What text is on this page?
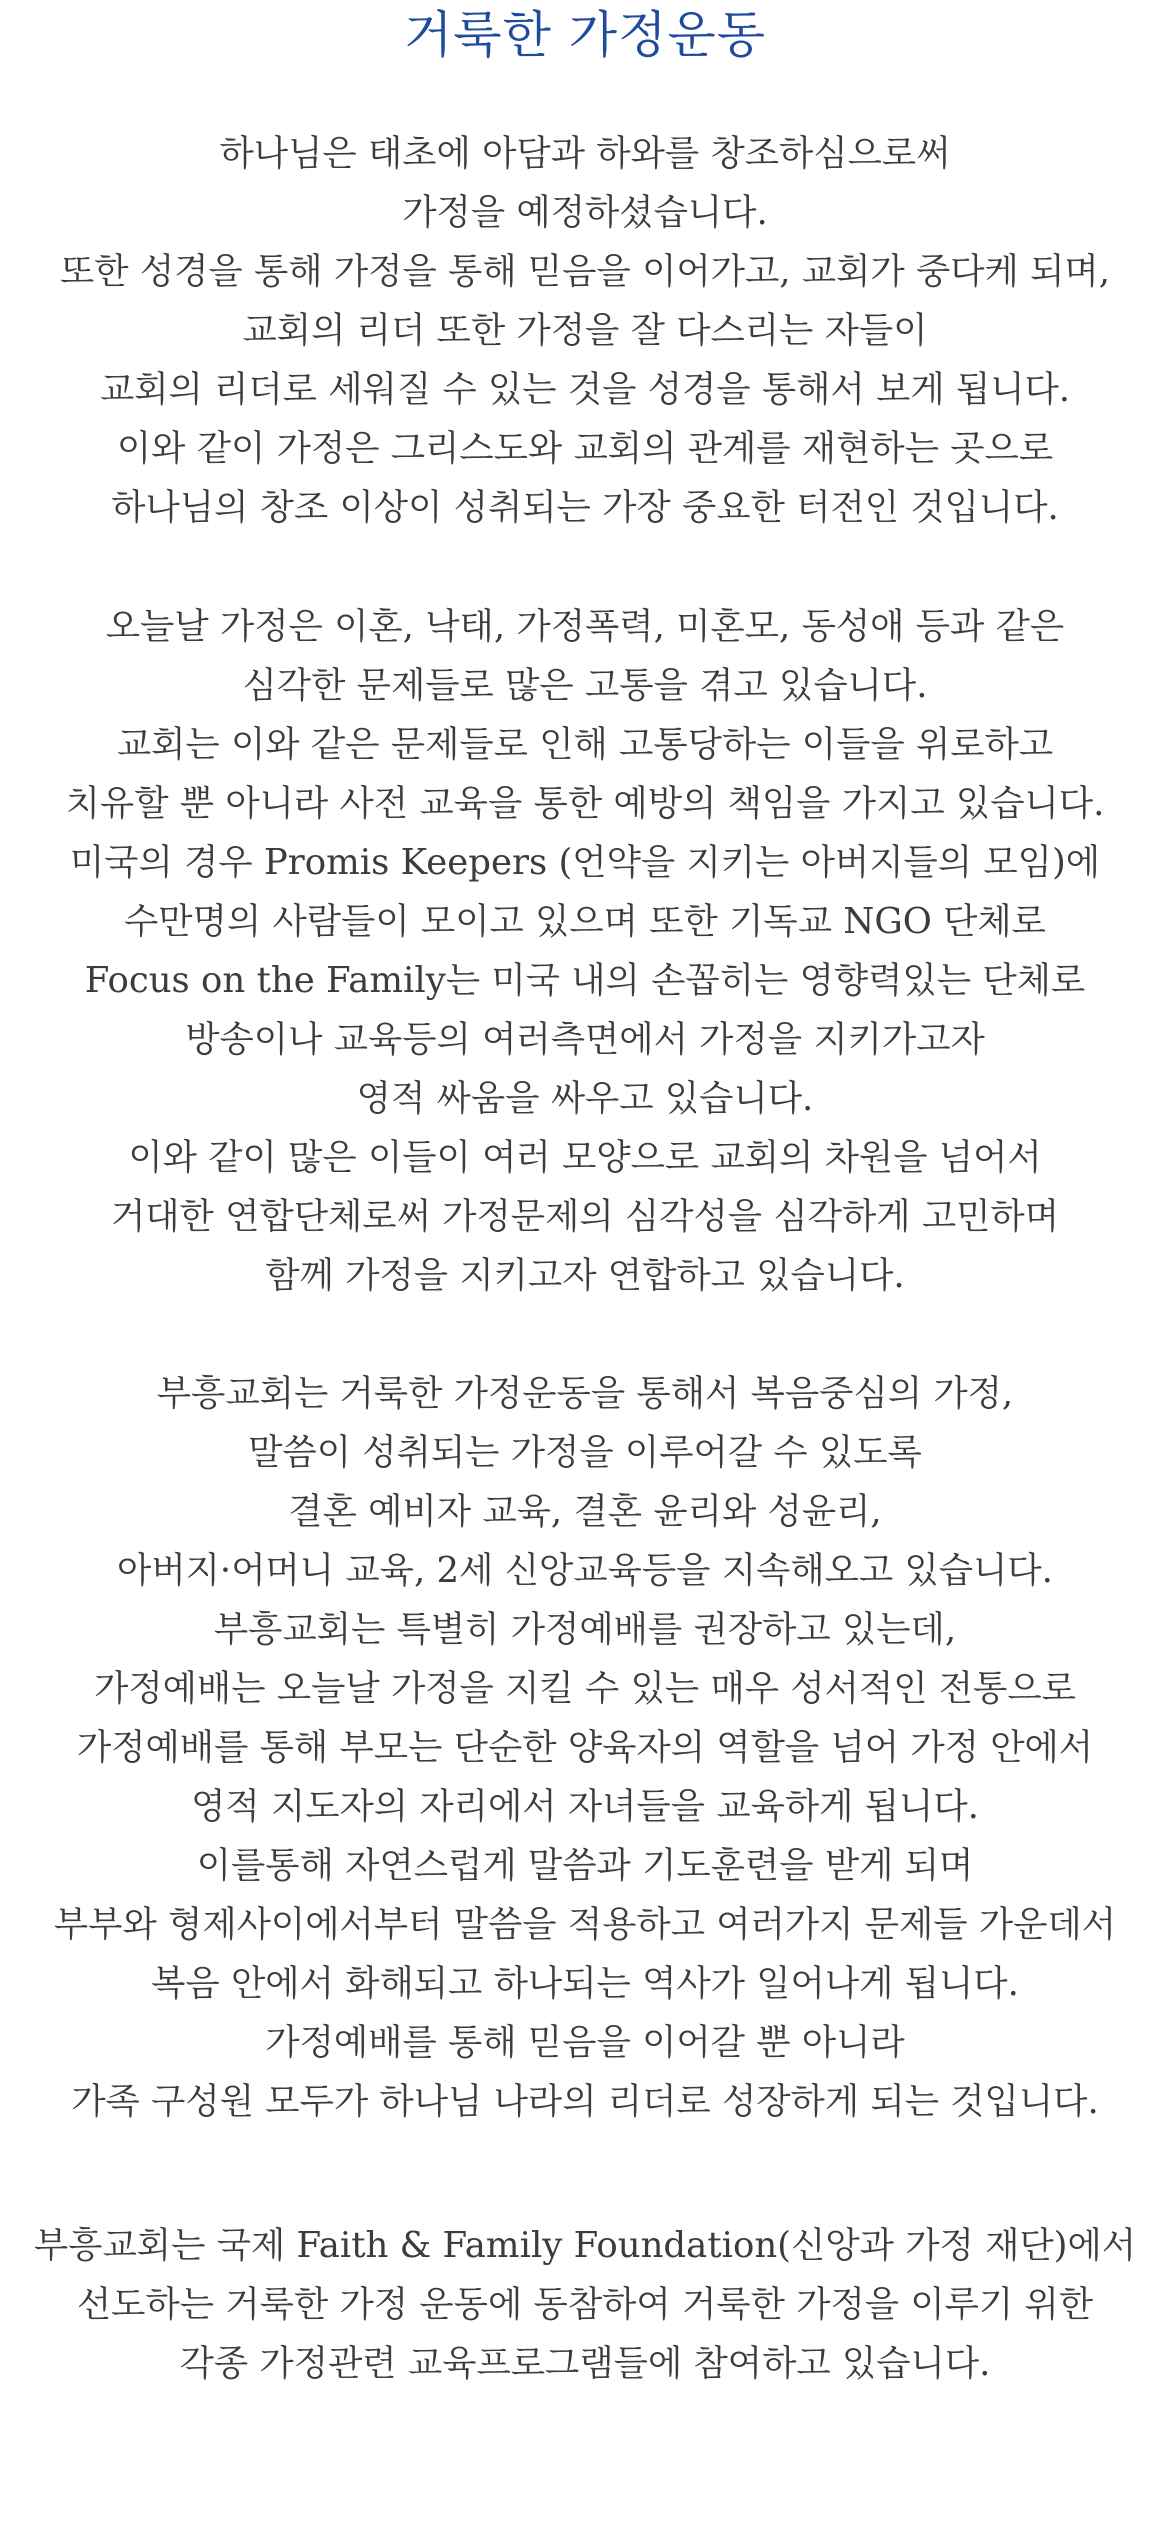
거룩한 가정운동
하나님은 태초에 아담과 하와를 창조하심으로써
가정을 예정하셨습니다.
또한 성경을 통해 가정을 통해 믿음을 이어가고, 교회가 중다케 되며,
교회의 리더 또한 가정을 잘 다스리는 자들이
교회의 리더로 세워질 수 있는 것을 성경을 통해서 보게 됩니다.
이와 같이 가정은 그리스도와 교회의 관계를 재현하는 곳으로
하나님의 창조 이상이 성취되는 가장 중요한 터전인 것입니다.
오늘날 가정은 이혼, 낙태, 가정폭력, 미혼모, 동성애 등과 같은
심각한 문제들로 많은 고통을 겪고 있습니다.
교회는 이와 같은 문제들로 인해 고통당하는 이들을 위로하고
치유할 뿐 아니라 사전 교육을 통한 예방의 책임을 가지고 있습니다.
미국의 경우 Promis Keepers (언약을 지키는 아버지들의 모임)에
수만명의 사람들이 모이고 있으며 또한 기독교 NGO 단체로
Focus on the Family는 미국 내의 손꼽히는 영향력있는 단체로
방송이나 교육등의 여러측면에서 가정을 지키가고자
영적 싸움을 싸우고 있습니다.
이와 같이 많은 이들이 여러 모양으로 교회의 차원을 넘어서
거대한 연합단체로써 가정문제의 심각성을 심각하게 고민하며
함께 가정을 지키고자 연합하고 있습니다.
부흥교회는 거룩한 가정운동을 통해서 복음중심의 가정,
말씀이 성취되는 가정을 이루어갈 수 있도록
결혼 예비자 교육, 결혼 윤리와 성윤리,
아버지·어머니 교육, 2세 신앙교육등을 지속해오고 있습니다.
부흥교회는 특별히 가정예배를 권장하고 있는데,
가정예배는 오늘날 가정을 지킬 수 있는 매우 성서적인 전통으로
가정예배를 통해 부모는 단순한 양육자의 역할을 넘어 가정 안에서
영적 지도자의 자리에서 자녀들을 교육하게 됩니다.
이를통해 자연스럽게 말씀과 기도훈련을 받게 되며
부부와 형제사이에서부터 말씀을 적용하고 여러가지 문제들 가운데서
복음 안에서 화해되고 하나되는 역사가 일어나게 됩니다.
가정예배를 통해 믿음을 이어갈 뿐 아니라
가족 구성원 모두가 하나님 나라의 리더로 성장하게 되는 것입니다.
부흥교회는 국제 Faith & Family Foundation(신앙과 가정 재단)에서
선도하는 거룩한 가정 운동에 동참하여 거룩한 가정을 이루기 위한
각종 가정관련 교육프로그램들에 참여하고 있습니다.
